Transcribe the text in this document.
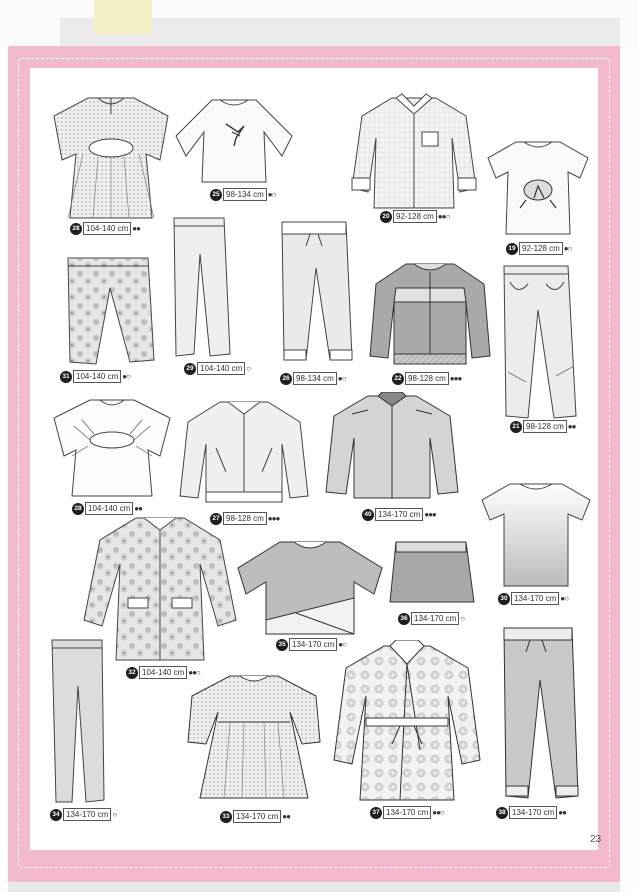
28 104-140 cm ●●
25 98-134 cm ●○
20 92-128 cm ●●○
19 92-128 cm ●○
31 104-140 cm ●○
29 104-140 cm ○
26 98-134 cm ●○	22 98-128 cm ●●●
21 98-128 cm ●●
28 104-140 cm ●●
27 98-128 cm ●●●	40 134-170 cm ●●●
30 134-170 cm ●○
32 104-140 cm ●●○
35 134-170 cm ●○
36 134-170 cm ○
34 134-170 cm ○	33 134-170 cm ●●	37 134-170 cm ●●○	38 134-170 cm ●●
23
